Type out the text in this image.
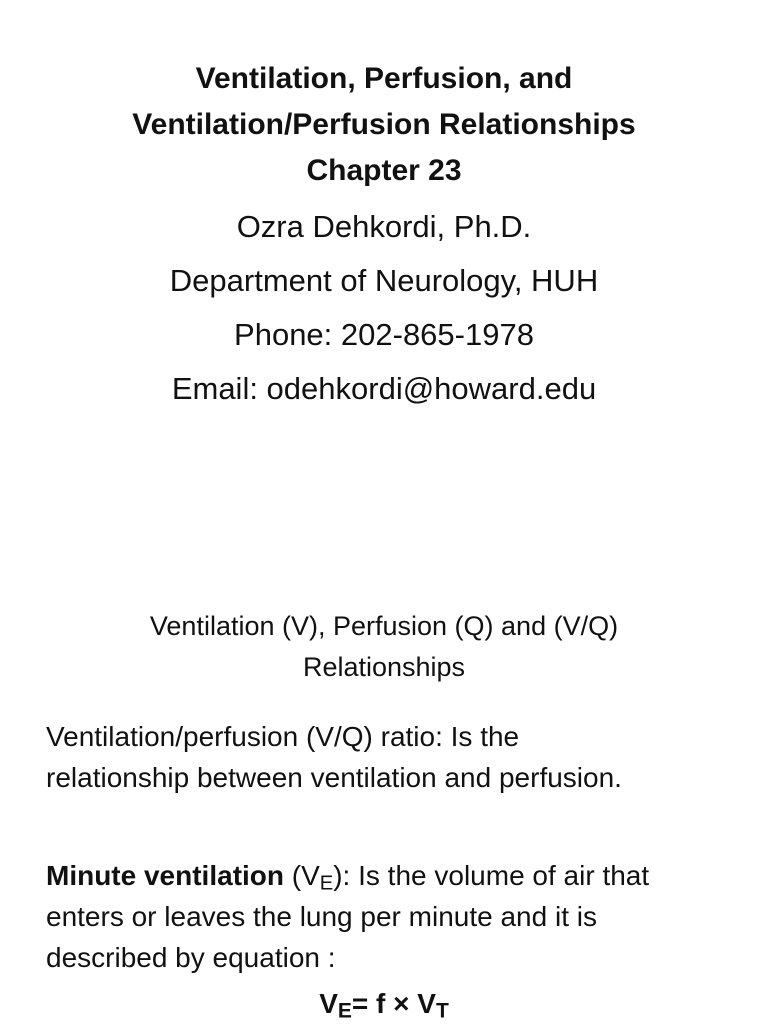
Ventilation, Perfusion, and
Ventilation/Perfusion Relationships
Chapter 23
Ozra Dehkordi, Ph.D.
Department of Neurology, HUH
Phone: 202-865-1978
Email: odehkordi@howard.edu
Ventilation (V), Perfusion (Q) and (V/Q)
Relationships
Ventilation/perfusion (V/Q) ratio: Is the
relationship between ventilation and perfusion.
Minute ventilation $(V_E)$: Is the volume of air that
enters or leaves the lung per minute and it is
described by equation :
$V_E= f \times V_T$
